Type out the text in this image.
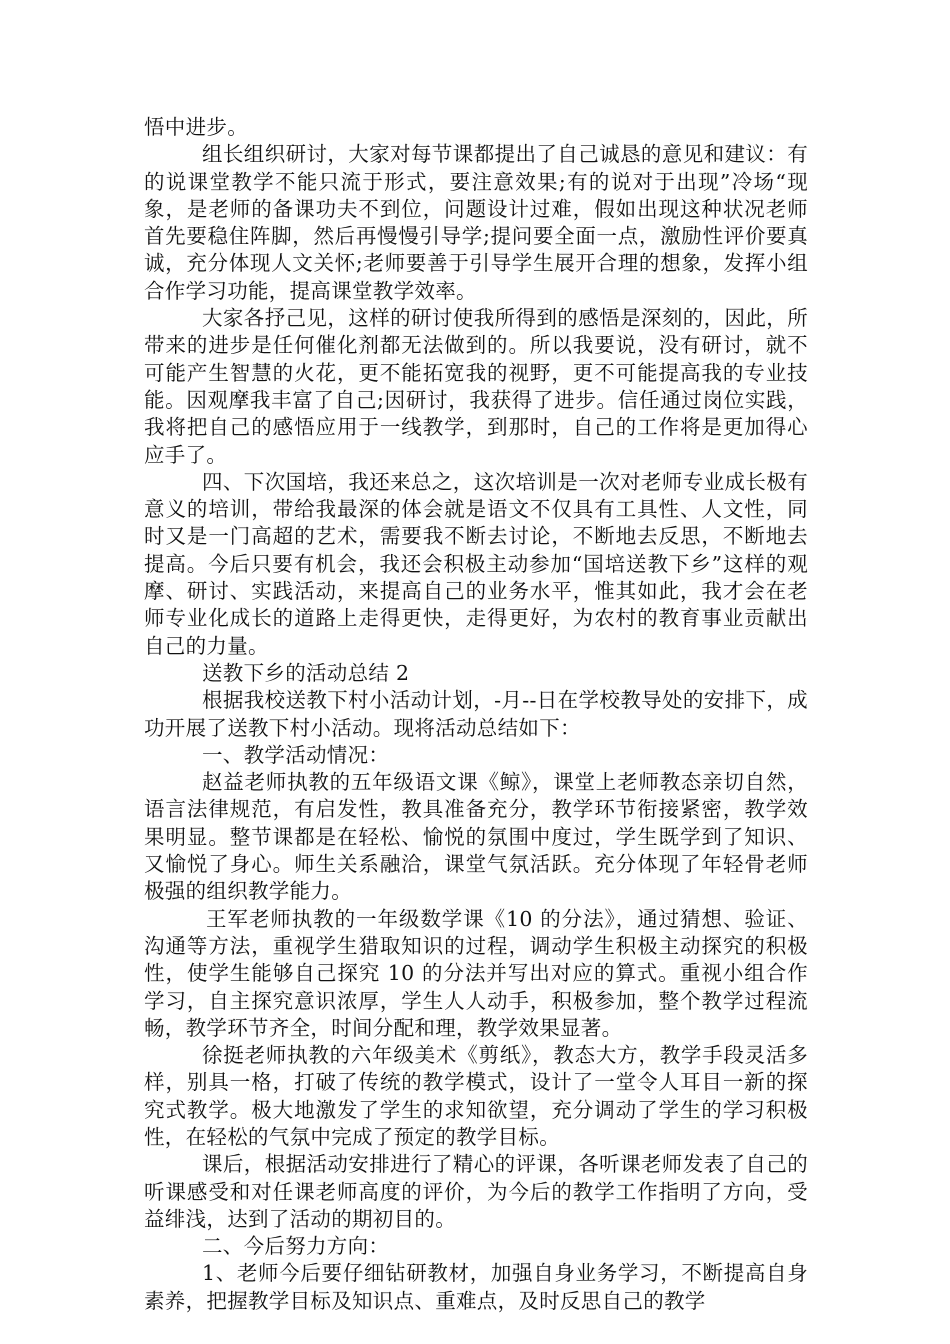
悟中进步。

组长组织研讨，大家对每节课都提出了自己诚恳的意见和建议：有的说课堂教学不能只流于形式，要注意效果;有的说对于出现”冷场“现象，是老师的备课功夫不到位，问题设计过难，假如出现这种状况老师首先要稳住阵脚，然后再慢慢引导学;提问要全面一点，激励性评价要真诚，充分体现人文关怀;老师要善于引导学生展开合理的想象，发挥小组合作学习功能，提高课堂教学效率。

大家各抒己见，这样的研讨使我所得到的感悟是深刻的，因此，所带来的进步是任何催化剂都无法做到的。所以我要说，没有研讨，就不可能产生智慧的火花，更不能拓宽我的视野，更不可能提高我的专业技能。因观摩我丰富了自己;因研讨，我获得了进步。信任通过岗位实践，我将把自己的感悟应用于一线教学，到那时，自己的工作将是更加得心应手了。

四、下次国培，我还来总之，这次培训是一次对老师专业成长极有意义的培训，带给我最深的体会就是语文不仅具有工具性、人文性，同时又是一门高超的艺术，需要我不断去讨论，不断地去反思，不断地去提高。今后只要有机会，我还会积极主动参加“国培送教下乡”这样的观摩、研讨、实践活动，来提高自己的业务水平，惟其如此，我才会在老师专业化成长的道路上走得更快，走得更好，为农村的教育事业贡献出自己的力量。

送教下乡的活动总结 2

根据我校送教下村小活动计划，-月--日在学校教导处的安排下，成功开展了送教下村小活动。现将活动总结如下：

一、教学活动情况：

赵益老师执教的五年级语文课《鲸》，课堂上老师教态亲切自然，语言法律规范，有启发性，教具准备充分，教学环节衔接紧密，教学效果明显。整节课都是在轻松、愉悦的氛围中度过，学生既学到了知识、又愉悦了身心。师生关系融洽，课堂气氛活跃。充分体现了年轻骨老师极强的组织教学能力。

王军老师执教的一年级数学课《10 的分法》，通过猜想、验证、沟通等方法，重视学生猎取知识的过程，调动学生积极主动探究的积极性，使学生能够自己探究 10 的分法并写出对应的算式。重视小组合作学习，自主探究意识浓厚，学生人人动手，积极参加，整个教学过程流畅，教学环节齐全，时间分配和理，教学效果显著。

徐挺老师执教的六年级美术《剪纸》，教态大方，教学手段灵活多样，别具一格，打破了传统的教学模式，设计了一堂令人耳目一新的探究式教学。极大地激发了学生的求知欲望，充分调动了学生的学习积极性，在轻松的气氛中完成了预定的教学目标。

课后，根据活动安排进行了精心的评课，各听课老师发表了自己的听课感受和对任课老师高度的评价，为今后的教学工作指明了方向，受益绯浅，达到了活动的期初目的。

二、今后努力方向：

1、老师今后要仔细钻研教材，加强自身业务学习，不断提高自身素养，把握教学目标及知识点、重难点，及时反思自己的教学
